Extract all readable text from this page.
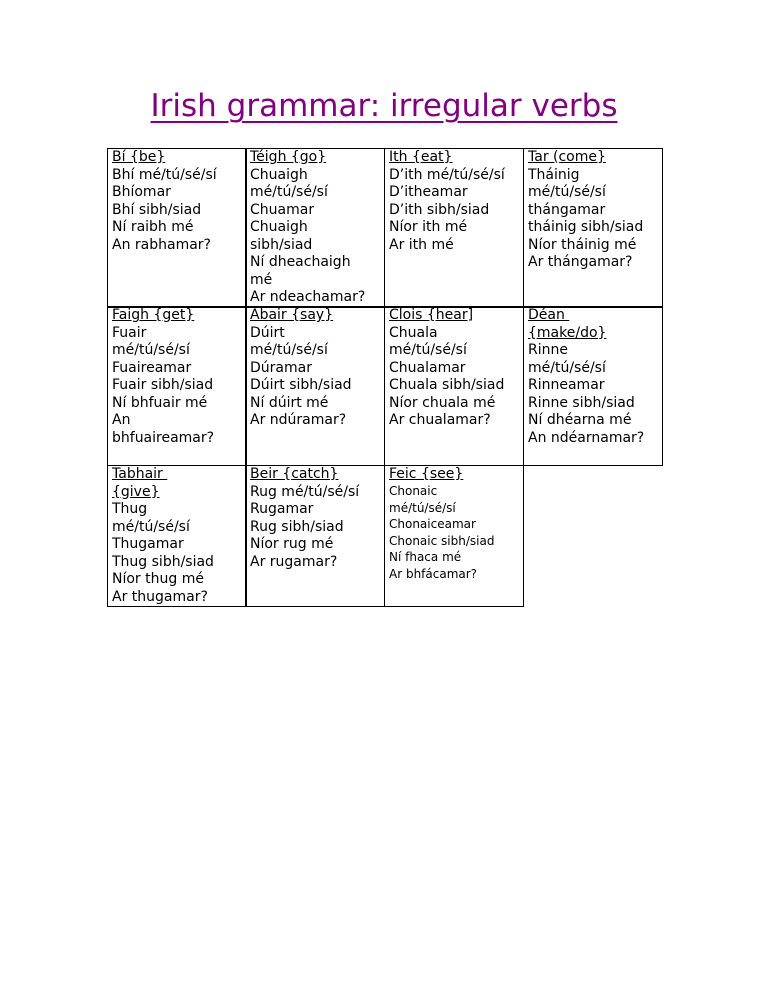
Irish grammar: irregular verbs
Bí {be}
Bhí mé/tú/sé/sí
Bhíomar
Bhí sibh/siad
Ní raibh mé
An rabhamar?
Téigh {go}
Chuaigh
mé/tú/sé/sí
Chuamar
Chuaigh
sibh/siad
Ní dheachaigh
mé
Ar ndeachamar?
Ith {eat}
D’ith mé/tú/sé/sí
D’itheamar
D’ith sibh/siad
Níor ith mé
Ar ith mé
Tar (come}
Tháinig
mé/tú/sé/sí
thángamar
tháinig sibh/siad
Níor tháinig mé
Ar thángamar?
Faigh {get}
Fuair
mé/tú/sé/sí
Fuaireamar
Fuair sibh/siad
Ní bhfuair mé
An
bhfuaireamar?
Abair {say}
Dúirt
mé/tú/sé/sí
Dúramar
Dúirt sibh/siad
Ní dúirt mé
Ar ndúramar?
Clois {hear]
Chuala
mé/tú/sé/sí
Chualamar
Chuala sibh/siad
Níor chuala mé
Ar chualamar?
Déan
{make/do}
Rinne
mé/tú/sé/sí
Rinneamar
Rinne sibh/siad
Ní dhéarna mé
An ndéarnamar?
Tabhair
{give}
Thug
mé/tú/sé/sí
Thugamar
Thug sibh/siad
Níor thug mé
Ar thugamar?
Beir {catch}
Rug mé/tú/sé/sí
Rugamar
Rug sibh/siad
Níor rug mé
Ar rugamar?
Feic {see}
Chonaic
mé/tú/sé/sí
Chonaiceamar
Chonaic sibh/siad
Ní fhaca mé
Ar bhfácamar?
